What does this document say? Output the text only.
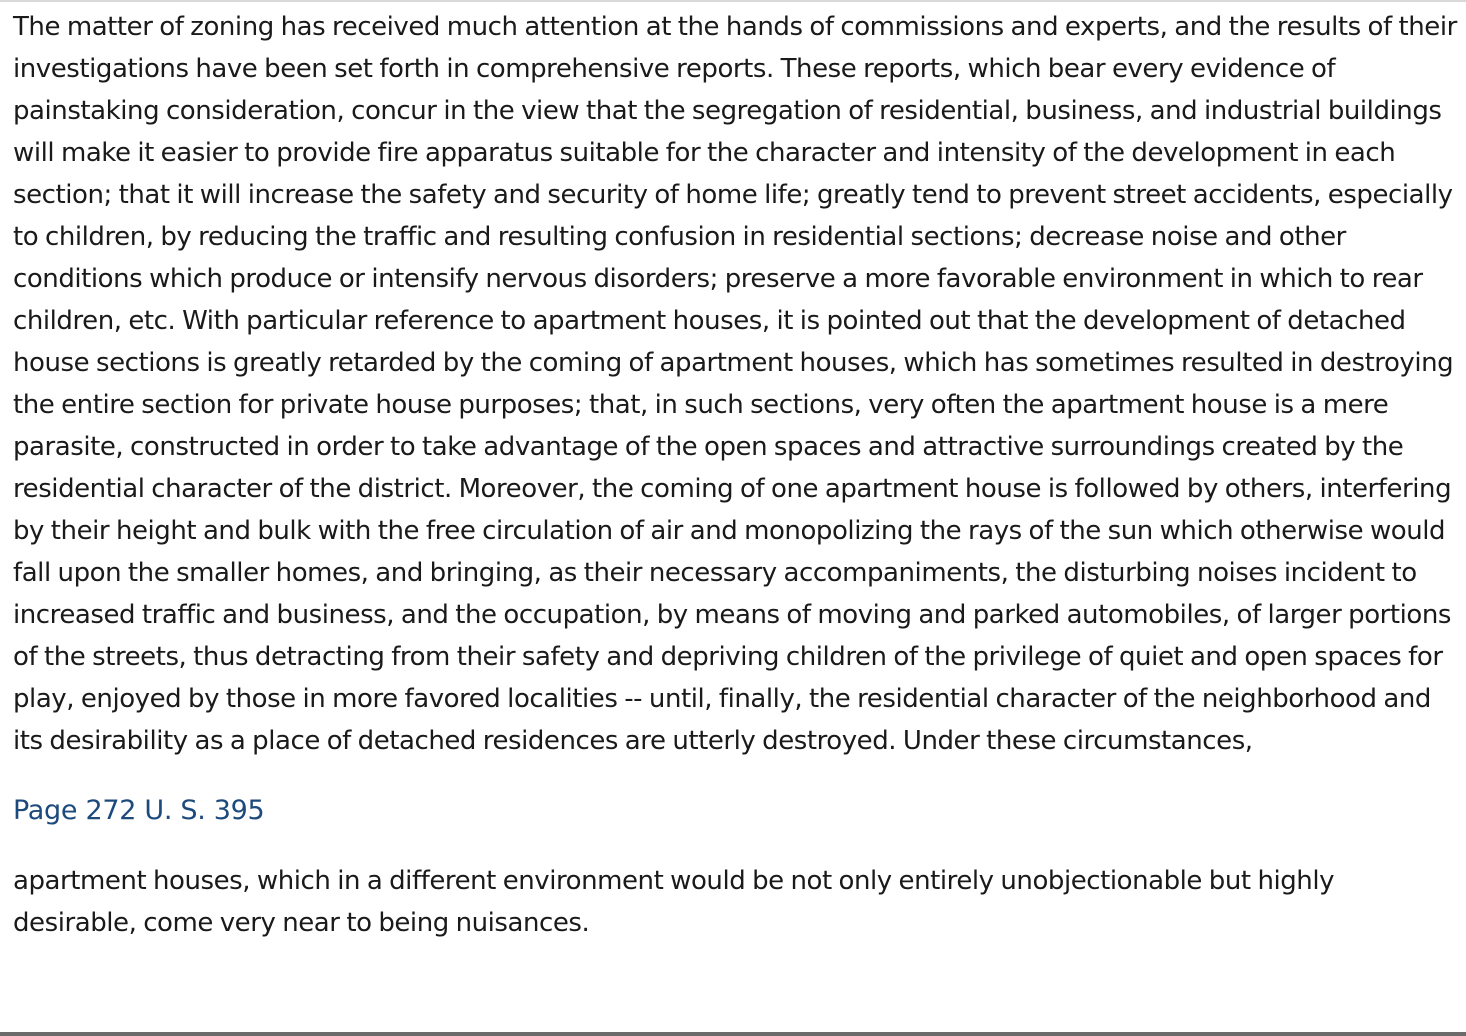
The matter of zoning has received much attention at the hands of commissions and experts, and the results of their investigations have been set forth in comprehensive reports. These reports, which bear every evidence of painstaking consideration, concur in the view that the segregation of residential, business, and industrial buildings will make it easier to provide fire apparatus suitable for the character and intensity of the development in each section; that it will increase the safety and security of home life; greatly tend to prevent street accidents, especially to children, by reducing the traffic and resulting confusion in residential sections; decrease noise and other conditions which produce or intensify nervous disorders; preserve a more favorable environment in which to rear children, etc. With particular reference to apartment houses, it is pointed out that the development of detached house sections is greatly retarded by the coming of apartment houses, which has sometimes resulted in destroying the entire section for private house purposes; that, in such sections, very often the apartment house is a mere parasite, constructed in order to take advantage of the open spaces and attractive surroundings created by the residential character of the district. Moreover, the coming of one apartment house is followed by others, interfering by their height and bulk with the free circulation of air and monopolizing the rays of the sun which otherwise would fall upon the smaller homes, and bringing, as their necessary accompaniments, the disturbing noises incident to increased traffic and business, and the occupation, by means of moving and parked automobiles, of larger portions of the streets, thus detracting from their safety and depriving children of the privilege of quiet and open spaces for play, enjoyed by those in more favored localities -- until, finally, the residential character of the neighborhood and its desirability as a place of detached residences are utterly destroyed. Under these circumstances,

Page 272 U. S. 395

apartment houses, which in a different environment would be not only entirely unobjectionable but highly desirable, come very near to being nuisances.
